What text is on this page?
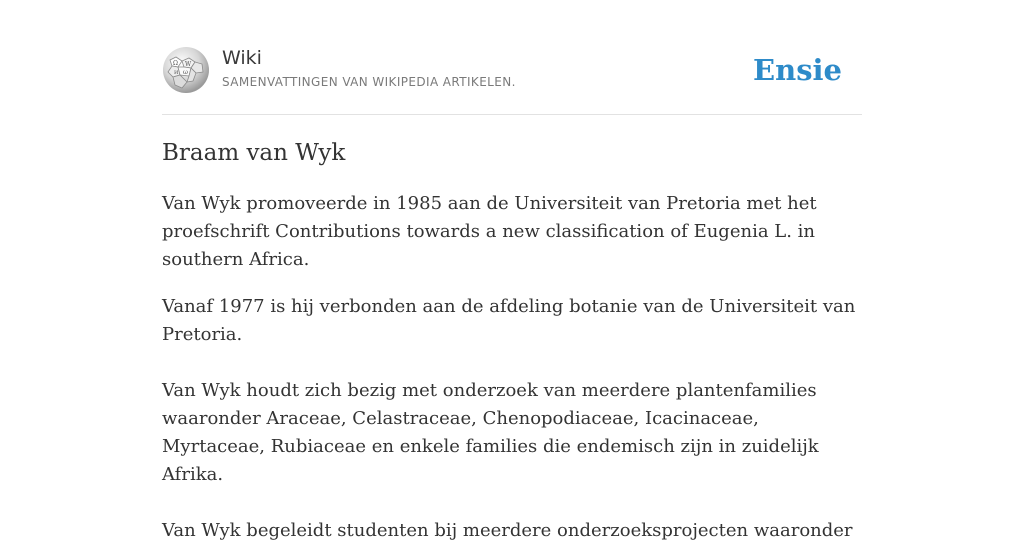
Ω W
И ω
Wiki
SAMENVATTINGEN VAN WIKIPEDIA ARTIKELEN.	Ensie
Braam van Wyk

Van Wyk promoveerde in 1985 aan de Universiteit van Pretoria met het proefschrift Contributions towards a new classification of Eugenia L. in southern Africa.

Vanaf 1977 is hij verbonden aan de afdeling botanie van de Universiteit van Pretoria.

Van Wyk houdt zich bezig met onderzoek van meerdere plantenfamilies waaronder Araceae, Celastraceae, Chenopodiaceae, Icacinaceae, Myrtaceae, Rubiaceae en enkele families die endemisch zijn in zuidelijk Afrika.

Van Wyk begeleidt studenten bij meerdere onderzoeksprojecten waaronder
